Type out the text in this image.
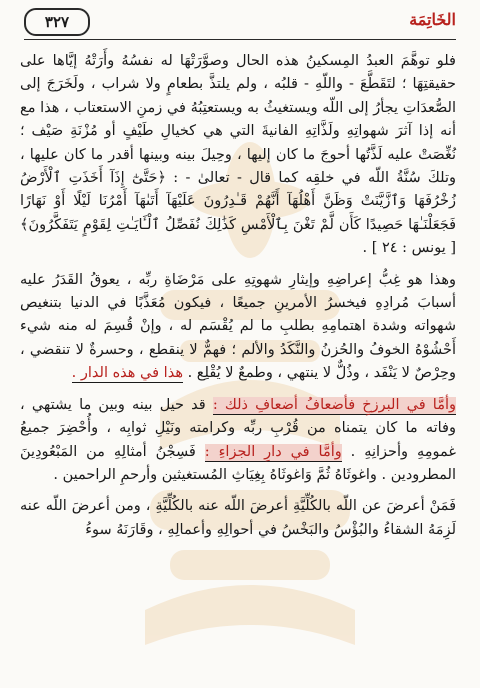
٣٢٧	الخَاتِمَة

فلو توهَّمَ العبدُ المِسكينُ هذه الحال وصوَّرَتْهَا له نفسُهُ وأَرَتْهُ إيَّاها على حقيقتِهَا ؛ لتَقَطَّعَ - واللّهِ - قلبُه ، ولم يلتذَّ بطعامٍ ولا شراب ، ولَخَرَجَ إلى الصُّعدَاتِ يجأرُ إلى اللّه ويستغيثُ به ويستعتِبُهُ في زمنِ الاستعتاب ، هذا مع أنه إذا آثرَ شهواتِهِ ولَذَّاتِهِ الفانيةَ التي هي كخيالِ طَيْفٍ أو مُزْنَةِ صَيْف ؛ نُغِّصَتْ عليه لَذَّتُها أحوجَ ما كان إليها ، وحِيلَ بينه وبينها أقدر ما كان عليها ، وتلكَ سُنَّةُ اللّه في خلقِه كما قال - تعالىٰ - : ﴿حَتَّىٰٓ إِذَآ أَخَذَتِ ٱلْأَرْضُ زُخْرُفَهَا وَٱزَّيَّنَتْ وَظَنَّ أَهْلُهَآ أَنَّهُمْ قَـٰدِرُونَ عَلَيْهَآ أَتَىٰهَآ أَمْرُنَا لَيْلًا أَوْ نَهَارًا فَجَعَلْنَـٰهَا حَصِيدًا كَأَن لَّمْ تَغْنَ بِٱلْأَمْسِ كَذَٰلِكَ نُفَصِّلُ ٱلْـَٔايَـٰتِ لِقَوْمٍ يَتَفَكَّرُونَ﴾ [ يونس : ٢٤ ] .

وهذا هو غِبُّ إعراضِهِ وإيثارِ شهوتِهِ على مَرْضَاةِ ربِّه ، يعوقُ القَدَرُ عليه أسبابَ مُرادِهِ فيخسرُ الأمرينِ جميعًا ، فيكون مُعَذَّبًا في الدنيا بتنغيص شهواته وشدة اهتمامِهِ بطلبِ ما لم يُقْسَم له ، وإنْ قُسِمَ له منه شيء أَحْشُوْهُ الخوفُ والحُزنُ والنَّكَدُ والألم ؛ فهمٌّ لا ينقطع ، وحسرةٌ لا تنقضي ، وحِرْصٌ لا يَنْفَد ، وذُلٌّ لا ينتهي ، وطمعٌ لا يُقْلِع . هذا في هذه الدار .

وأمَّا في البرزخِ فأضعافُ أضعافِ ذلك : قد حيل بينه وبين ما يشتهي ، وفاته ما كان يتمناه من قُرْبِ ربِّه وكرامته ونَيْلِ ثوابِه ، وأُحْضِرَ جميعُ غمومِهِ وأحزانِهِ . وأمَّا في دارِ الجزاءِ : فَسِجْنُ أمثالِهِ من المَبْعُودِينَ المطرودين . واغوثَاهُ ثُمَّ وَاغوثَاهُ بِغِيَاثِ المُستغيثين وأرحمِ الراحمين .

فَمَنْ أعرضَ عن اللّه بالكُلِّيَّةِ أعرضَ اللّه عنه بالكُلِّيَّةِ ، ومن أعرضَ اللّه عنه لَزِمَهُ الشقاءُ والبُؤْسُ والبَخْسُ في أحوالِهِ وأعمالِهِ ، وقَارَنَهُ سوءُ
